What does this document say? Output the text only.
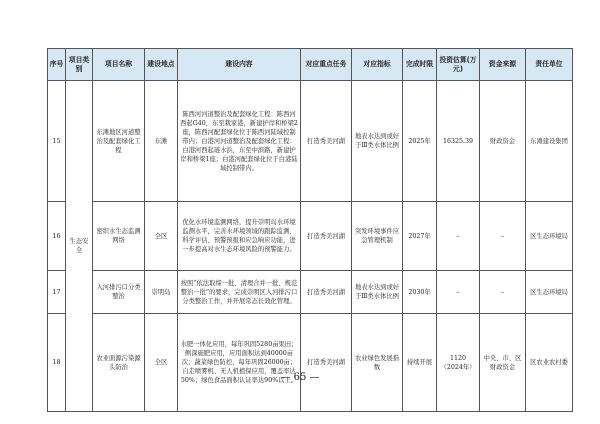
序号	项目类别	项目名称	建设地点	建设内容	对应重点任务	对应指标	完成时限	投资估算(万元)	资金来源	责任单位
15	生态安全	东滩地区河道整治及配套绿化工程	东滩	陈西河河道整治及配套绿化工程：陈西河西起G40，东至栽家港，新建护岸和桥梁2座，陈西河配套绿化位于陈西河陆域控制带内；白港河河道整治及配套绿化工程：白港河西起琏水浜，东至中滨路，新建护岸和桥梁1座；白港河配套绿化位于白港陆域控制带内。	打造秀美河湖	地表水达到或好于Ⅲ类水体比例	2025年	16325.39	财政资金	东滩建设集团
16		密织水生态监测网络	全区	优化水环境监测网络，提升崇明岛水环境监测水平，完善水环境领域的跟踪监测、科学评估、预警预报和应急响应功能，进一步提高对水生态环境风险的预警能力。	打造秀美河湖	突发环境事件应急管理机制	2027年	–	–	区生态环境局
17		入河排污口分类整治	崇明岛	按照“依法取缔一批、清理合并一批、规范整治一批”的要求，完成崇明区入河排污口分类整治工作，并开展常态长效化管理。	打造秀美河湖	地表水达到或好于Ⅲ类水体比例	2030年	–	–	区生态环境局
18		农业面源污染源头防治	全区	水肥一体化应用，每年巩固5280亩果田；侧深施肥应用，应用面积达到40000亩次；蔬菜绿色防控，每年巩固26000亩；自走喷雾机、无人机植保应用，覆盖率达50%；绿色食品面积认证率达90%以上。	打造秀美河湖	农业绿色发展指数	持续开展	1120（2024年）	中央、市、区财政资金	区农业农村委
— 65 —
